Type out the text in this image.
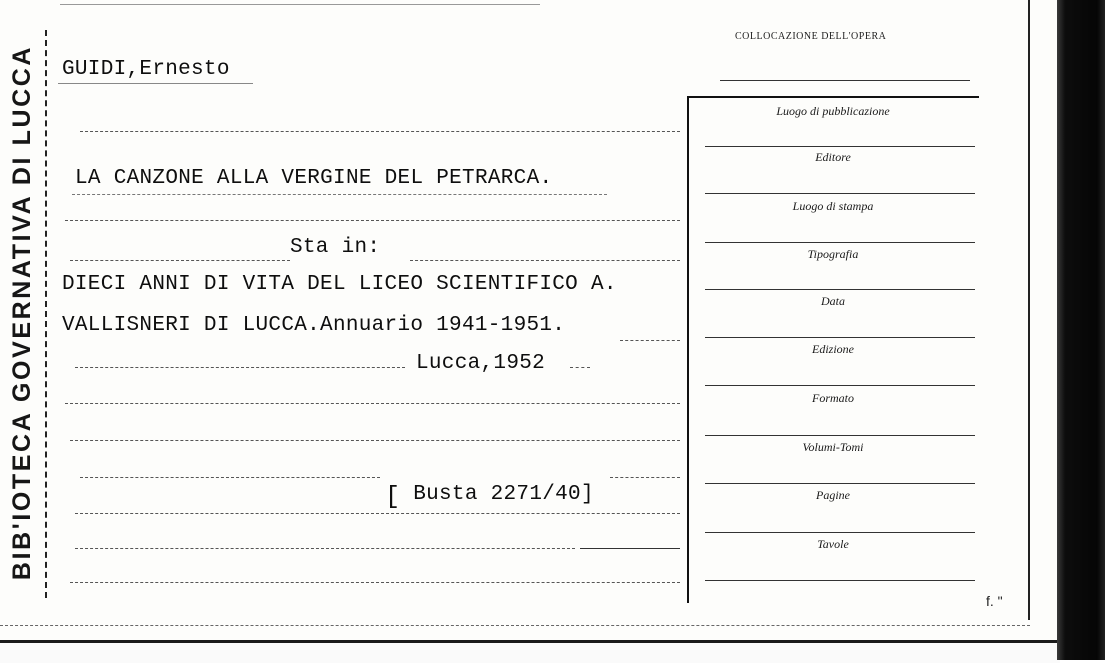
BIB'IOTECA GOVERNATIVA DI LUCCA GUIDI,Ernesto
LA CANZONE ALLA VERGINE DEL PETRARCA.
Sta in:
DIECI ANNI DI VITA DEL LICEO SCIENTIFICO A.
VALLISNERI DI LUCCA.Annuario 1941-1951.
Lucca,1952
[ Busta 2271/40]
COLLOCAZIONE DELL'OPERA
Luogo di pubblicazione
Editore
Luogo di stampa
Tipografia
Data
Edizione
Formato
Volumi-Tomi
Pagine
Tavole
f. "
